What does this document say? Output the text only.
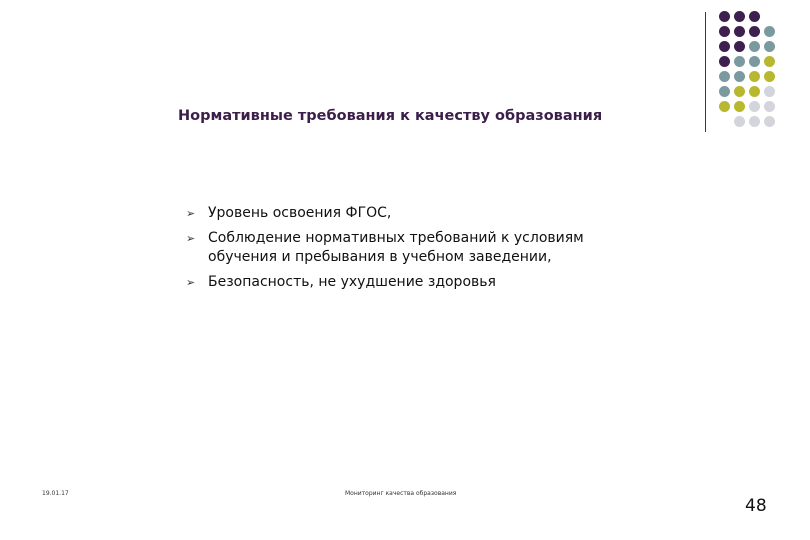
Нормативные требования к качеству образования
➢ Уровень освоения ФГОС,
➢ Соблюдение нормативных требований к условиям обучения и пребывания в учебном заведении,
➢ Безопасность, не ухудшение здоровья
19.01.17	Мониторинг качества образования
48
